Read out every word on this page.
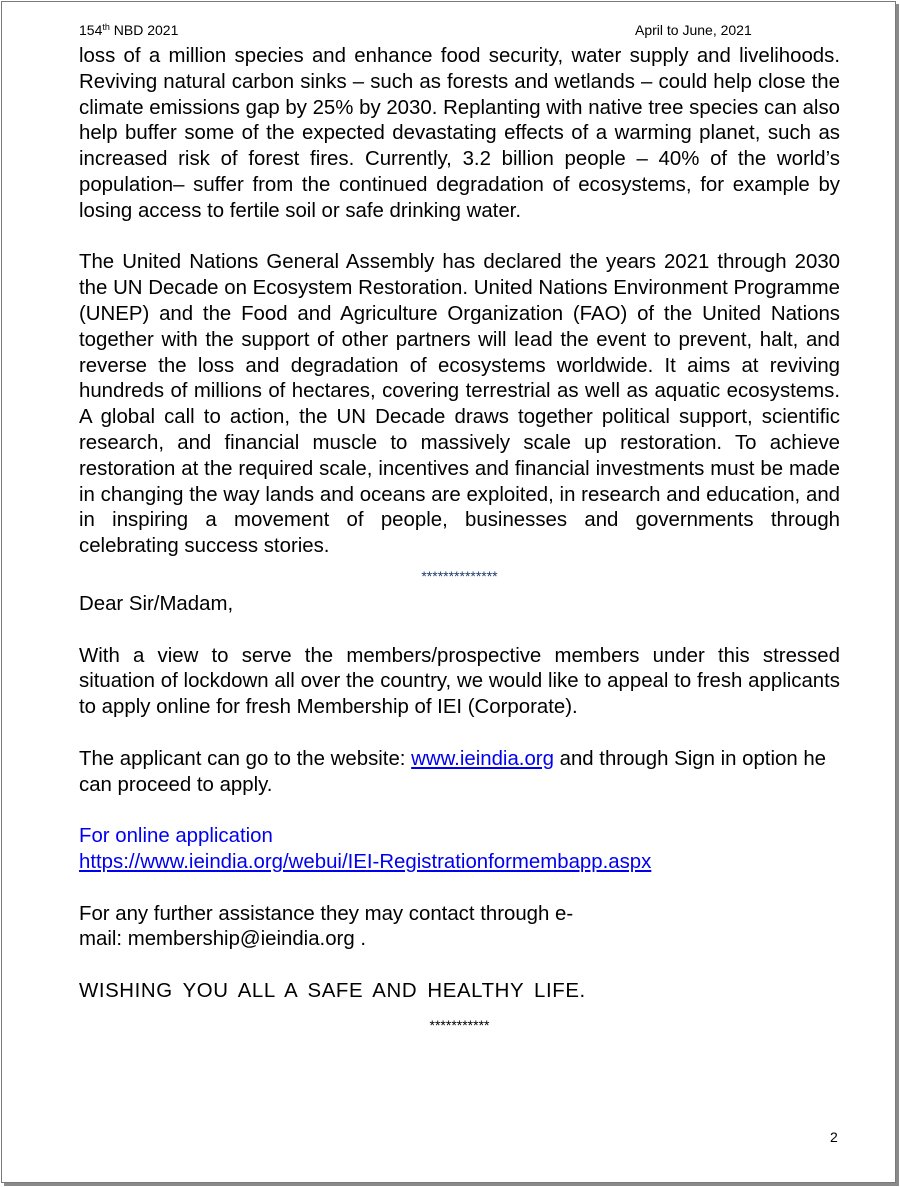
154th NBD 2021	April to June, 2021

loss of a million species and enhance food security, water supply and livelihoods. Reviving natural carbon sinks – such as forests and wetlands – could help close the climate emissions gap by 25% by 2030. Replanting with native tree species can also help buffer some of the expected devastating effects of a warming planet, such as increased risk of forest fires. Currently, 3.2 billion people – 40% of the world’s population– suffer from the continued degradation of ecosystems, for example by losing access to fertile soil or safe drinking water.

The United Nations General Assembly has declared the years 2021 through 2030 the UN Decade on Ecosystem Restoration. United Nations Environment Programme (UNEP) and the Food and Agriculture Organization (FAO) of the United Nations together with the support of other partners will lead the event to prevent, halt, and reverse the loss and degradation of ecosystems worldwide. It aims at reviving hundreds of millions of hectares, covering terrestrial as well as aquatic ecosystems. A global call to action, the UN Decade draws together political support, scientific research, and financial muscle to massively scale up restoration. To achieve restoration at the required scale, incentives and financial investments must be made in changing the way lands and oceans are exploited, in research and education, and in inspiring a movement of people, businesses and governments through celebrating success stories.

**************

Dear Sir/Madam,

With a view to serve the members/prospective members under this stressed situation of lockdown all over the country, we would like to appeal to fresh applicants to apply online for fresh Membership of IEI (Corporate).

The applicant can go to the website: www.ieindia.org and through Sign in option he can proceed to apply.

For online application

https://www.ieindia.org/webui/IEI-Registrationformembapp.aspx

For any further assistance they may contact through e-

mail: membership@ieindia.org .

WISHING YOU ALL A SAFE AND HEALTHY LIFE.

***********
2
